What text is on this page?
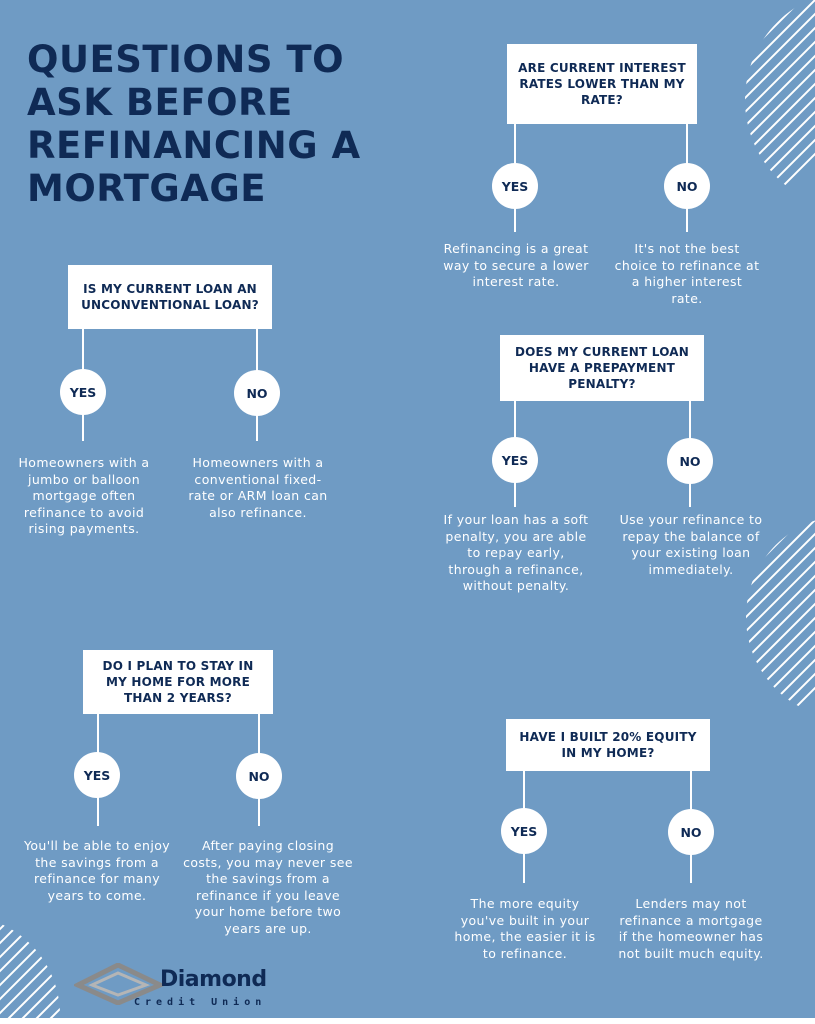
QUESTIONS TO ASK BEFORE REFINANCING A MORTGAGE
ARE CURRENT INTEREST RATES LOWER THAN MY RATE?
YES	NO
Refinancing is a great way to secure a lower interest rate.
It's not the best choice to refinance at a higher interest rate.
IS MY CURRENT LOAN AN UNCONVENTIONAL LOAN?
YES	NO
Homeowners with a jumbo or balloon mortgage often refinance to avoid rising payments.
Homeowners with a conventional fixed-rate or ARM loan can also refinance.
DOES MY CURRENT LOAN HAVE A PREPAYMENT PENALTY?
YES	NO
If your loan has a soft penalty, you are able to repay early, through a refinance, without penalty.
Use your refinance to repay the balance of your existing loan immediately.
DO I PLAN TO STAY IN MY HOME FOR MORE THAN 2 YEARS?
YES	NO
You'll be able to enjoy the savings from a refinance for many years to come.
After paying closing costs, you may never see the savings from a refinance if you leave your home before two years are up.
HAVE I BUILT 20% EQUITY IN MY HOME?
YES	NO
The more equity you've built in your home, the easier it is to refinance.
Lenders may not refinance a mortgage if the homeowner has not built much equity.
Diamond
Credit Union
